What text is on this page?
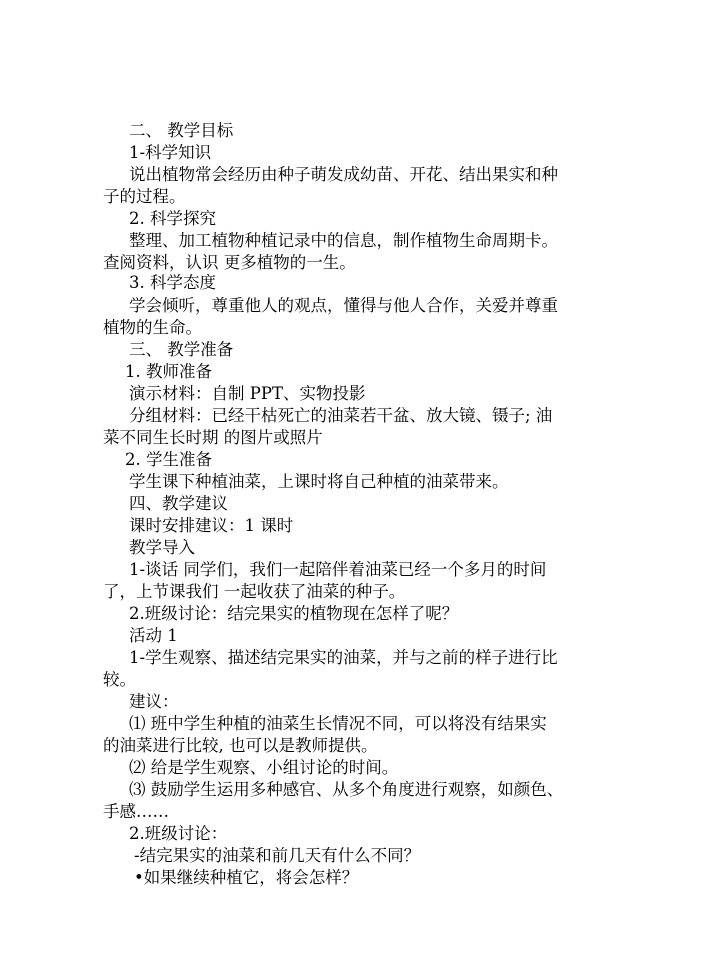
二、 教学目标
1-科学知识
说出植物常会经历由种子萌发成幼苗、开花、结出果实和种
子的过程。
2. 科学探究
整理、加工植物种植记录中的信息，制作植物生命周期卡。
查阅资料，认识 更多植物的一生。
3. 科学态度
学会倾听，尊重他人的观点，懂得与他人合作，关爱并尊重
植物的生命。
三、 教学准备
1. 教师准备
演示材料：自制 PPT、实物投影
分组材料：已经干枯死亡的油菜若干盆、放大镜、镊子; 油
菜不同生长时期 的图片或照片
2. 学生准备
学生课下种植油菜，上课时将自己种植的油菜带来。
四、教学建议
课时安排建议：1 课时
教学导入
1-谈话 同学们，我们一起陪伴着油菜已经一个多月的时间
了，上节课我们 一起收获了油菜的种子。
2.班级讨论：结完果实的植物现在怎样了呢？
活动 1
1-学生观察、描述结完果实的油菜，并与之前的样子进行比
较。
建议：
⑴ 班中学生种植的油菜生长情况不同，可以将没有结果实
的油菜进行比较, 也可以是教师提供。
⑵ 给是学生观察、小组讨论的时间。
⑶ 鼓励学生运用多种感官、从多个角度进行观察，如颜色、
手感……
2.班级讨论：
-结完果实的油菜和前几天有什么不同？
•如果继续种植它，将会怎样？
